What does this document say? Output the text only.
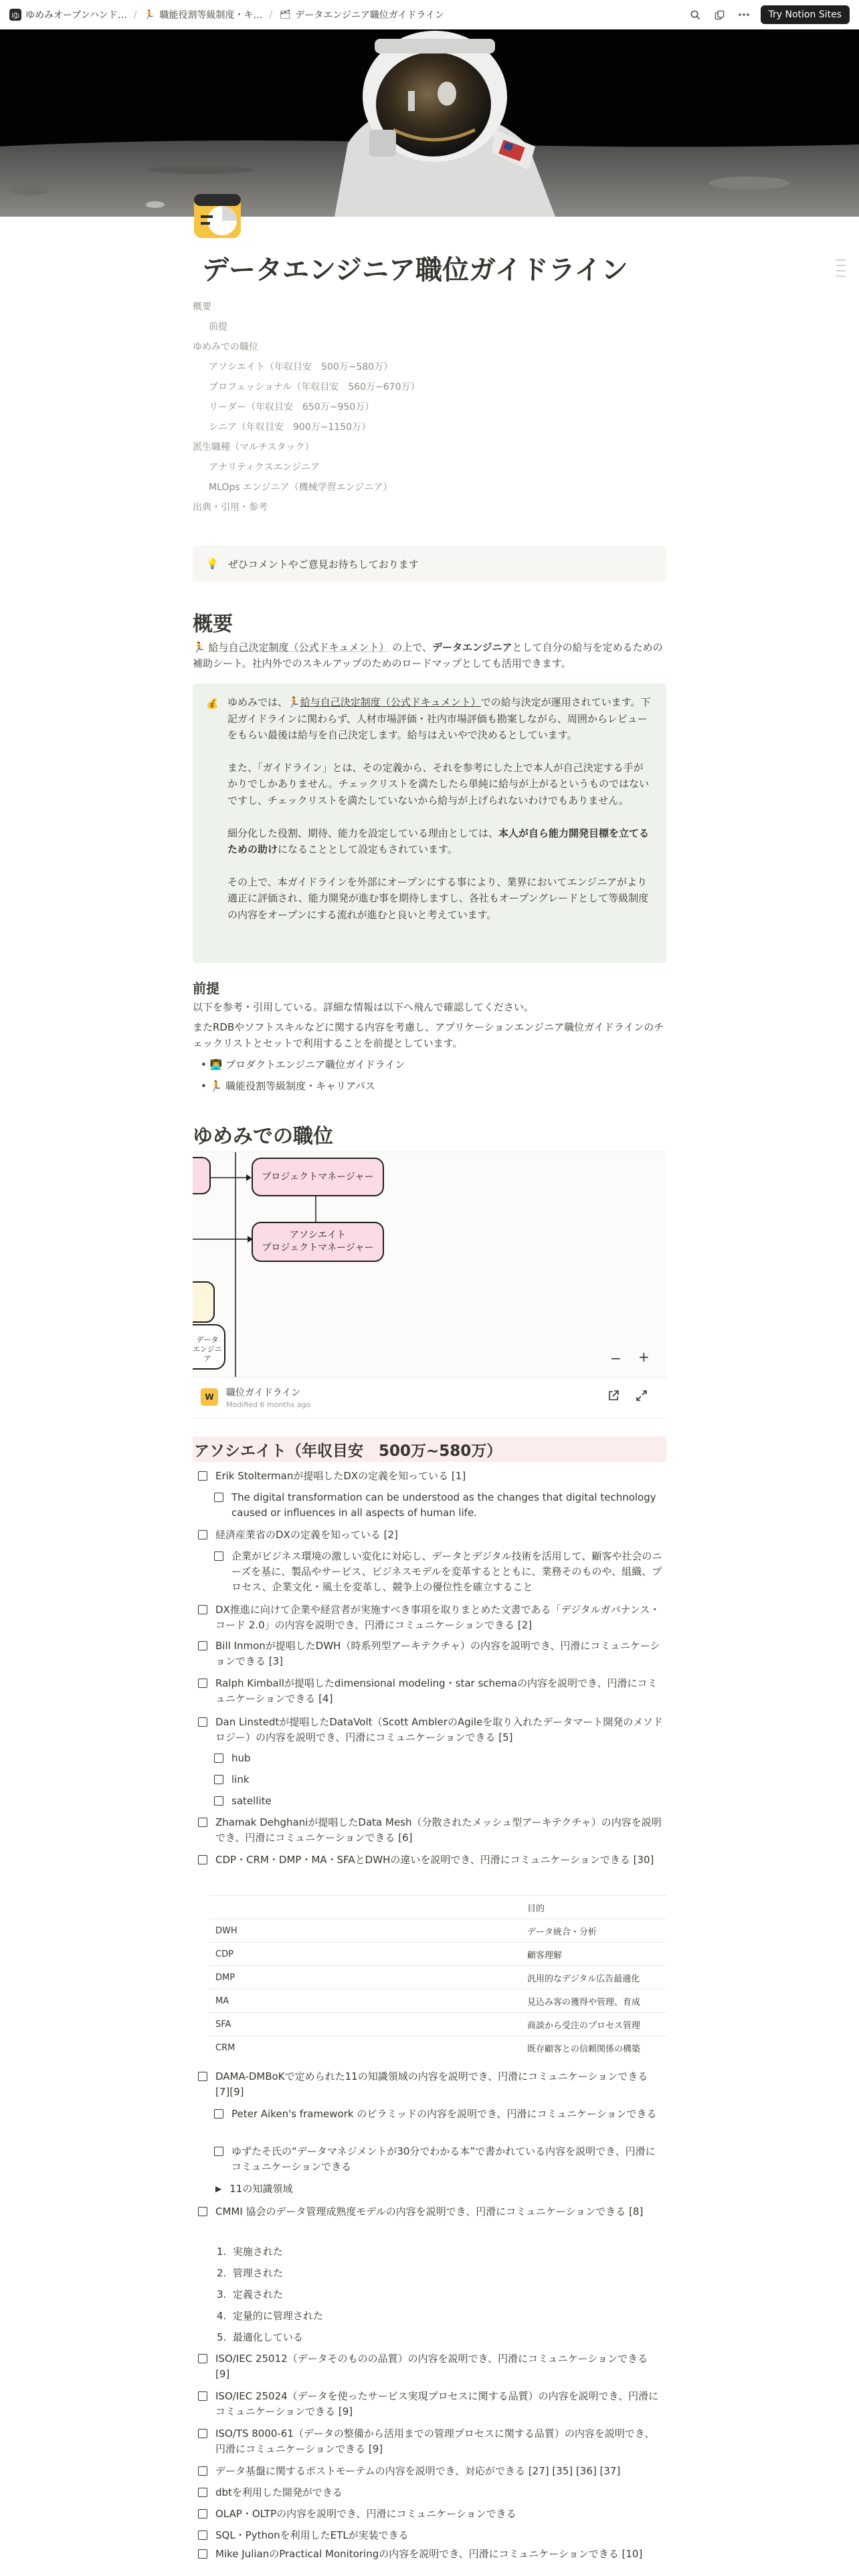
ゆ ゆめみオープンハンド… / 🏃 職能役割等級制度・キ… / 🗂 データエンジニア職位ガイドライン	Try Notion Sites
データエンジニア職位ガイドライン
概要
前提
ゆめみでの職位
アソシエイト（年収目安　500万~580万）
プロフェッショナル（年収目安　560万~670万）
リーダー（年収目安　650万~950万）
シニア（年収目安　900万~1150万）
派生職種（マルチスタック）
アナリティクスエンジニア
MLOps エンジニア（機械学習エンジニア）
出典・引用・参考
💡 ぜひコメントやご意見お待ちしております
概要
🏃 給与自己決定制度（公式ドキュメント） の上で、データエンジニアとして自分の給与を定めるための補助シート。社内外でのスキルアップのためのロードマップとしても活用できます。
💰 ゆめみでは、🏃給与自己決定制度（公式ドキュメント）での給与決定が運用されています。下記ガイドラインに関わらず、人材市場評価・社内市場評価も勘案しながら、周囲からレビューをもらい最後は給与を自己決定します。給与はえいやで決めるとしています。

また、「ガイドライン」とは、その定義から、それを参考にした上で本人が自己決定する手がかりでしかありません。チェックリストを満たしたら単純に給与が上がるというものではないですし、チェックリストを満たしていないから給与が上げられないわけでもありません。

細分化した役割、期待、能力を設定している理由としては、本人が自ら能力開発目標を立てるための助けになることとして設定もされています。

その上で、本ガイドラインを外部にオープンにする事により、業界においてエンジニアがより適正に評価され、能力開発が進む事を期待しますし、各社もオープングレードとして等級制度の内容をオープンにする流れが進むと良いと考えています。

前提
以下を参考・引用している。詳細な情報は以下へ飛んで確認してください。
またRDBやソフトスキルなどに関する内容を考慮し、アプリケーションエンジニア職位ガイドラインのチェックリストとセットで利用することを前提としています。
• 👨‍💻 プロダクトエンジニア職位ガイドライン
• 🏃 職能役割等級制度・キャリアパス
ゆめみでの職位
プロジェクトマネージャー
アソシエイト
プロジェクトマネージャー
データ
エンジニア	− +
W	職位ガイドライン
Modified 6 months ago
アソシエイト（年収目安　500万~580万）
Erik Stoltermanが提唱したDXの定義を知っている [1]
The digital transformation can be understood as the changes that digital technology caused or influences in all aspects of human life.
経済産業省のDXの定義を知っている [2]
企業がビジネス環境の激しい変化に対応し、データとデジタル技術を活用して、顧客や社会のニーズを基に、製品やサービス、ビジネスモデルを変革するとともに、業務そのものや、組織、プロセス、企業文化・風土を変革し、競争上の優位性を確立すること
DX推進に向けて企業や経営者が実施すべき事項を取りまとめた文書である「デジタルガバナンス・コード 2.0」の内容を説明でき、円滑にコミュニケーションできる [2]
Bill Inmonが提唱したDWH（時系列型アーキテクチャ）の内容を説明でき、円滑にコミュニケーションできる [3]
Ralph Kimballが提唱したdimensional modeling・star schemaの内容を説明でき、円滑にコミュニケーションできる [4]
Dan Linstedtが提唱したDataVolt（Scott AmblerのAgileを取り入れたデータマート開発のメソドロジー）の内容を説明でき、円滑にコミュニケーションできる [5]
hub
link
satellite
Zhamak Dehghaniが提唱したData Mesh（分散されたメッシュ型アーキテクチャ）の内容を説明でき、円滑にコミュニケーションできる [6]
CDP・CRM・DMP・MA・SFAとDWHの違いを説明でき、円滑にコミュニケーションできる [30]
	目的
DWH	データ統合・分析
CDP	顧客理解
DMP	汎用的なデジタル広告最適化
MA	見込み客の獲得や管理、育成
SFA	商談から受注のプロセス管理
CRM	既存顧客との信頼関係の構築
DAMA-DMBoKで定められた11の知識領域の内容を説明でき、円滑にコミュニケーションできる [7][9]
Peter Aiken's framework のピラミッドの内容を説明でき、円滑にコミュニケーションできる
ゆずたそ氏の“データマネジメントが30分でわかる本”で書かれている内容を説明でき、円滑にコミュニケーションできる
▶ 11の知識領域
CMMI 協会のデータ管理成熟度モデルの内容を説明でき、円滑にコミュニケーションできる [8]
1.  実施された
2.  管理された
3.  定義された
4.  定量的に管理された
5.  最適化している
ISO/IEC 25012（データそのものの品質）の内容を説明でき、円滑にコミュニケーションできる [9]
ISO/IEC 25024（データを使ったサービス実現プロセスに関する品質）の内容を説明でき、円滑にコミュニケーションできる [9]
ISO/TS 8000-61（データの整備から活用までの管理プロセスに関する品質）の内容を説明でき、円滑にコミュニケーションできる [9]
データ基盤に関するポストモーテムの内容を説明でき、対応ができる [27] [35] [36] [37]
dbtを利用した開発ができる
OLAP・OLTPの内容を説明でき、円滑にコミュニケーションできる
SQL・Pythonを利用したETLが実装できる
Mike JulianのPractical Monitoringの内容を説明でき、円滑にコミュニケーションできる [10]
